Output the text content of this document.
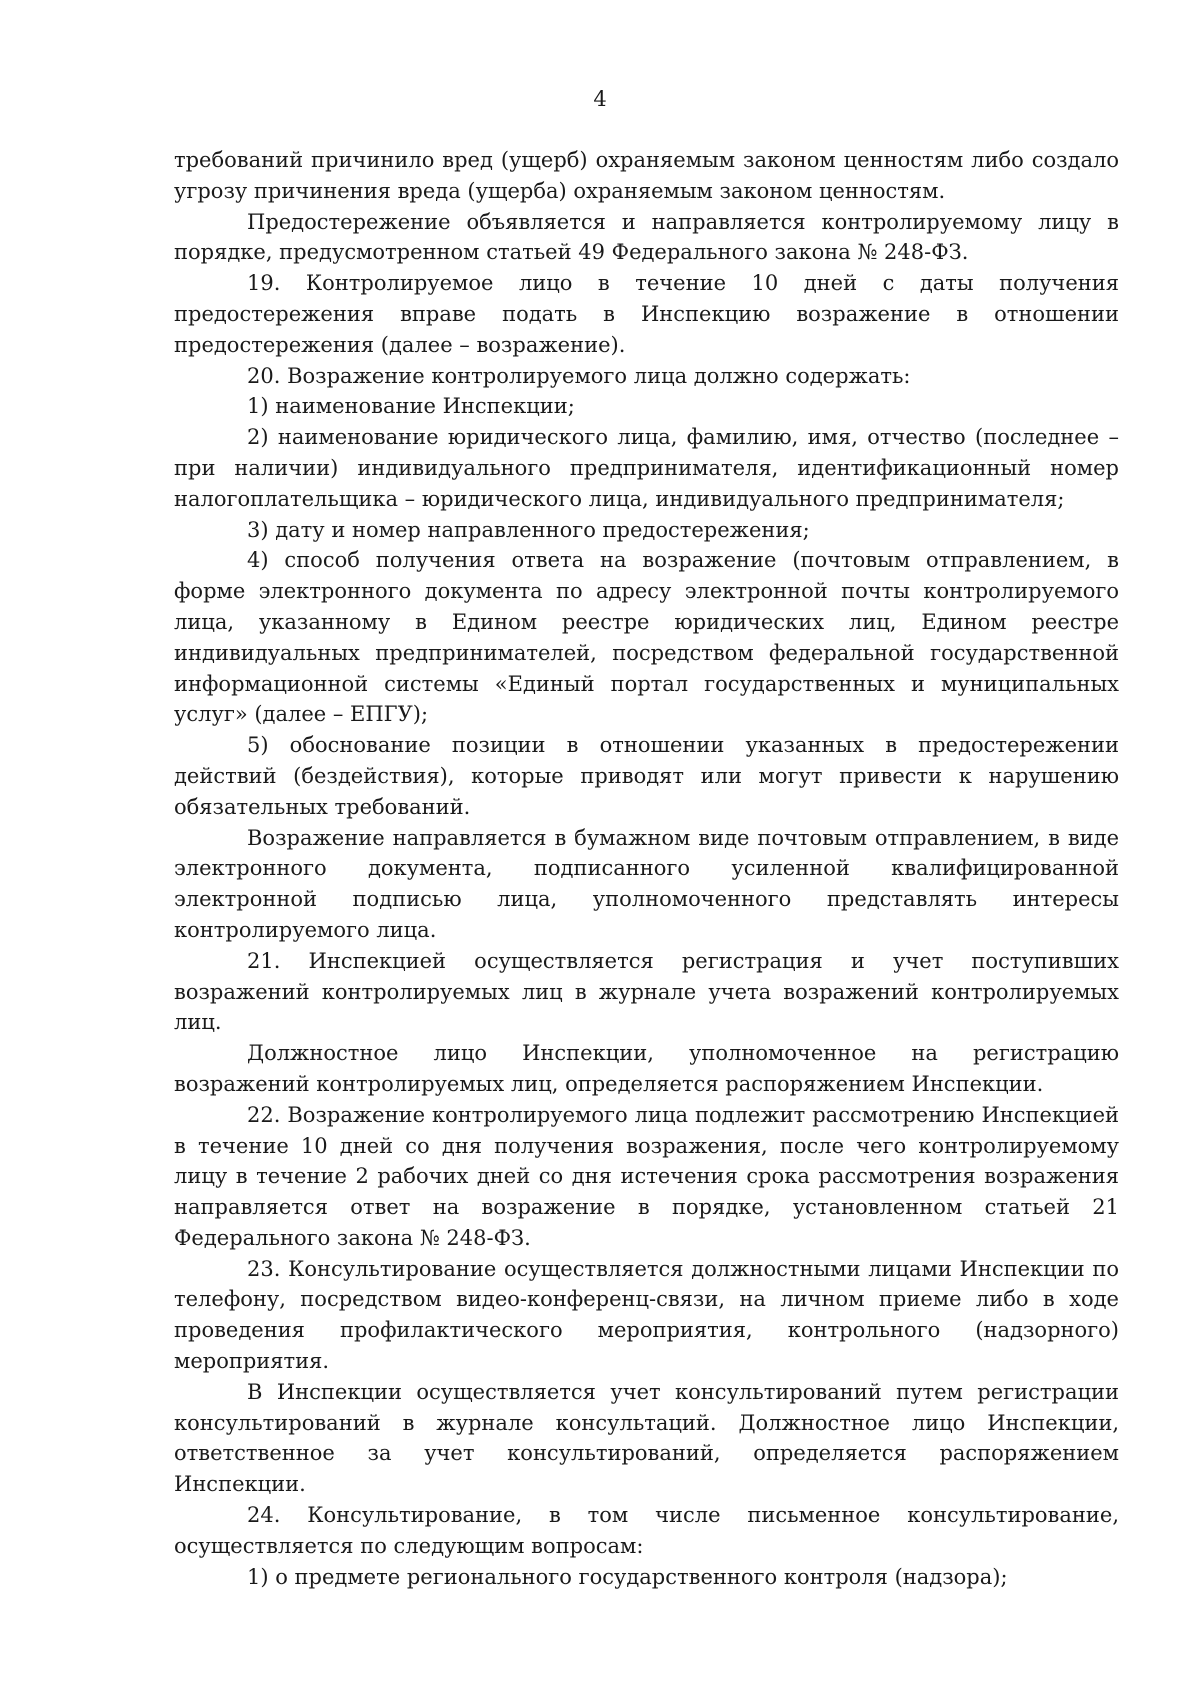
4

требований причинило вред (ущерб) охраняемым законом ценностям либо создало угрозу причинения вреда (ущерба) охраняемым законом ценностям.

Предостережение объявляется и направляется контролируемому лицу в порядке, предусмотренном статьей 49 Федерального закона № 248-ФЗ.

19. Контролируемое лицо в течение 10 дней с даты получения предостережения вправе подать в Инспекцию возражение в отношении предостережения (далее – возражение).

20. Возражение контролируемого лица должно содержать:

1) наименование Инспекции;

2) наименование юридического лица, фамилию, имя, отчество (последнее – при наличии) индивидуального предпринимателя, идентификационный номер налогоплательщика – юридического лица, индивидуального предпринимателя;

3) дату и номер направленного предостережения;

4) способ получения ответа на возражение (почтовым отправлением, в форме электронного документа по адресу электронной почты контролируемого лица, указанному в Едином реестре юридических лиц, Едином реестре индивидуальных предпринимателей, посредством федеральной государственной информационной системы «Единый портал государственных и муниципальных услуг» (далее – ЕПГУ);

5) обоснование позиции в отношении указанных в предостережении действий (бездействия), которые приводят или могут привести к нарушению обязательных требований.

Возражение направляется в бумажном виде почтовым отправлением, в виде электронного документа, подписанного усиленной квалифицированной электронной подписью лица, уполномоченного представлять интересы контролируемого лица.

21. Инспекцией осуществляется регистрация и учет поступивших возражений контролируемых лиц в журнале учета возражений контролируемых лиц.

Должностное лицо Инспекции, уполномоченное на регистрацию возражений контролируемых лиц, определяется распоряжением Инспекции.

22. Возражение контролируемого лица подлежит рассмотрению Инспекцией в течение 10 дней со дня получения возражения, после чего контролируемому лицу в течение 2 рабочих дней со дня истечения срока рассмотрения возражения направляется ответ на возражение в порядке, установленном статьей 21 Федерального закона № 248-ФЗ.

23. Консультирование осуществляется должностными лицами Инспекции по телефону, посредством видео-конференц-связи, на личном приеме либо в ходе проведения профилактического мероприятия, контрольного (надзорного) мероприятия.

В Инспекции осуществляется учет консультирований путем регистрации консультирований в журнале консультаций. Должностное лицо Инспекции, ответственное за учет консультирований, определяется распоряжением Инспекции.

24. Консультирование, в том числе письменное консультирование, осуществляется по следующим вопросам:

1) о предмете регионального государственного контроля (надзора);
